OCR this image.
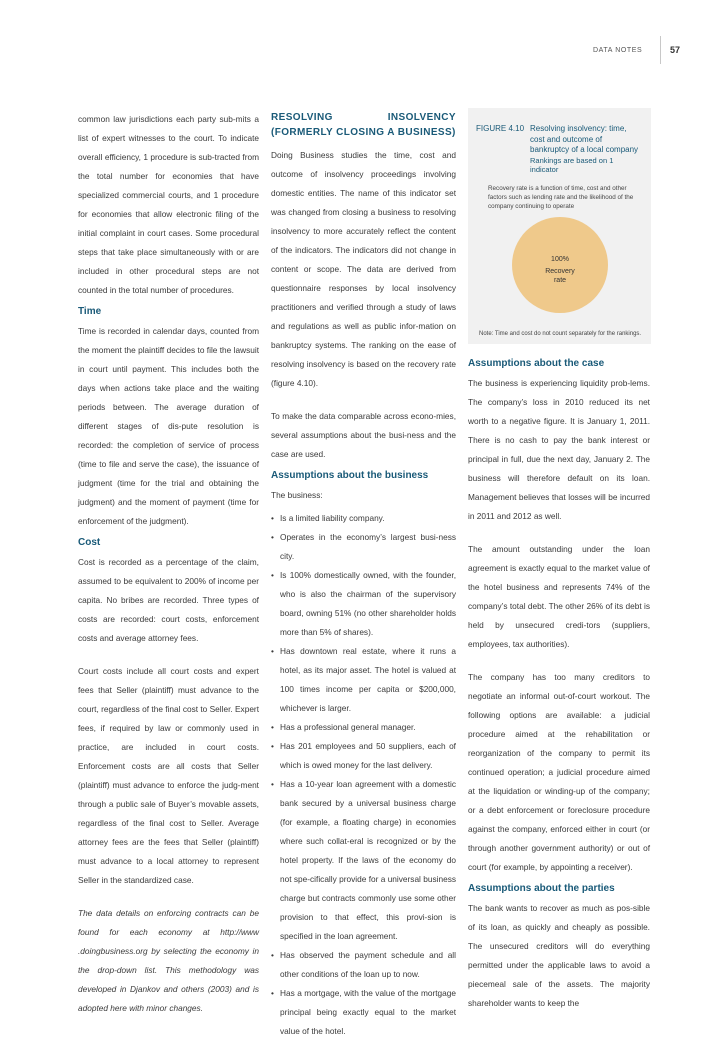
DATA NOTES	57

common law jurisdictions each party sub-mits a list of expert witnesses to the court. To indicate overall efficiency, 1 procedure is sub-tracted from the total number for economies that have specialized commercial courts, and 1 procedure for economies that allow electronic filing of the initial complaint in court cases. Some procedural steps that take place simultaneously with or are included in other procedural steps are not counted in the total number of procedures.

Time

Time is recorded in calendar days, counted from the moment the plaintiff decides to file the lawsuit in court until payment. This includes both the days when actions take place and the waiting periods between. The average duration of different stages of dis-pute resolution is recorded: the completion of service of process (time to file and serve the case), the issuance of judgment (time for the trial and obtaining the judgment) and the moment of payment (time for enforcement of the judgment).

Cost

Cost is recorded as a percentage of the claim, assumed to be equivalent to 200% of income per capita. No bribes are recorded. Three types of costs are recorded: court costs, enforcement costs and average attorney fees.

Court costs include all court costs and expert fees that Seller (plaintiff) must advance to the court, regardless of the final cost to Seller. Expert fees, if required by law or commonly used in practice, are included in court costs. Enforcement costs are all costs that Seller (plaintiff) must advance to enforce the judg-ment through a public sale of Buyer’s movable assets, regardless of the final cost to Seller. Average attorney fees are the fees that Seller (plaintiff) must advance to a local attorney to represent Seller in the standardized case.

The data details on enforcing contracts can be found for each economy at http://www .doingbusiness.org by selecting the economy in the drop-down list. This methodology was developed in Djankov and others (2003) and is adopted here with minor changes.

RESOLVING INSOLVENCY (FORMERLY CLOSING A BUSINESS)

Doing Business studies the time, cost and outcome of insolvency proceedings involving domestic entities. The name of this indicator set was changed from closing a business to resolving insolvency to more accurately reflect the content of the indicators. The indicators did not change in content or scope. The data are derived from questionnaire responses by local insolvency practitioners and verified through a study of laws and regulations as well as public infor-mation on bankruptcy systems. The ranking on the ease of resolving insolvency is based on the recovery rate (figure 4.10).

To make the data comparable across econo-mies, several assumptions about the busi-ness and the case are used.

Assumptions about the business

The business:

• Is a limited liability company.
• Operates in the economy’s largest busi-ness city.
• Is 100% domestically owned, with the founder, who is also the chairman of the supervisory board, owning 51% (no other shareholder holds more than 5% of shares).
• Has downtown real estate, where it runs a hotel, as its major asset. The hotel is valued at 100 times income per capita or $200,000, whichever is larger.
• Has a professional general manager.
• Has 201 employees and 50 suppliers, each of which is owed money for the last delivery.
• Has a 10-year loan agreement with a domestic bank secured by a universal business charge (for example, a floating charge) in economies where such collat-eral is recognized or by the hotel property. If the laws of the economy do not spe-cifically provide for a universal business charge but contracts commonly use some other provision to that effect, this provi-sion is specified in the loan agreement.
• Has observed the payment schedule and all other conditions of the loan up to now.
• Has a mortgage, with the value of the mortgage principal being exactly equal to the market value of the hotel.
FIGURE 4.10 Resolving insolvency: time, cost and outcome of bankruptcy of a local company
Rankings are based on 1 indicator
Recovery rate is a function of time, cost and other factors such as lending rate and the likelihood of the company continuing to operate
100%
Recovery
rate
Note: Time and cost do not count separately for the rankings.
Assumptions about the case

The business is experiencing liquidity prob-lems. The company’s loss in 2010 reduced its net worth to a negative figure. It is January 1, 2011. There is no cash to pay the bank interest or principal in full, due the next day, January 2. The business will therefore default on its loan. Management believes that losses will be incurred in 2011 and 2012 as well.

The amount outstanding under the loan agreement is exactly equal to the market value of the hotel business and represents 74% of the company’s total debt. The other 26% of its debt is held by unsecured credi-tors (suppliers, employees, tax authorities).

The company has too many creditors to negotiate an informal out-of-court workout. The following options are available: a judicial procedure aimed at the rehabilitation or reorganization of the company to permit its continued operation; a judicial procedure aimed at the liquidation or winding-up of the company; or a debt enforcement or foreclosure procedure against the company, enforced either in court (or through another government authority) or out of court (for example, by appointing a receiver).

Assumptions about the parties

The bank wants to recover as much as pos-sible of its loan, as quickly and cheaply as possible. The unsecured creditors will do everything permitted under the applicable laws to avoid a piecemeal sale of the assets. The majority shareholder wants to keep the
